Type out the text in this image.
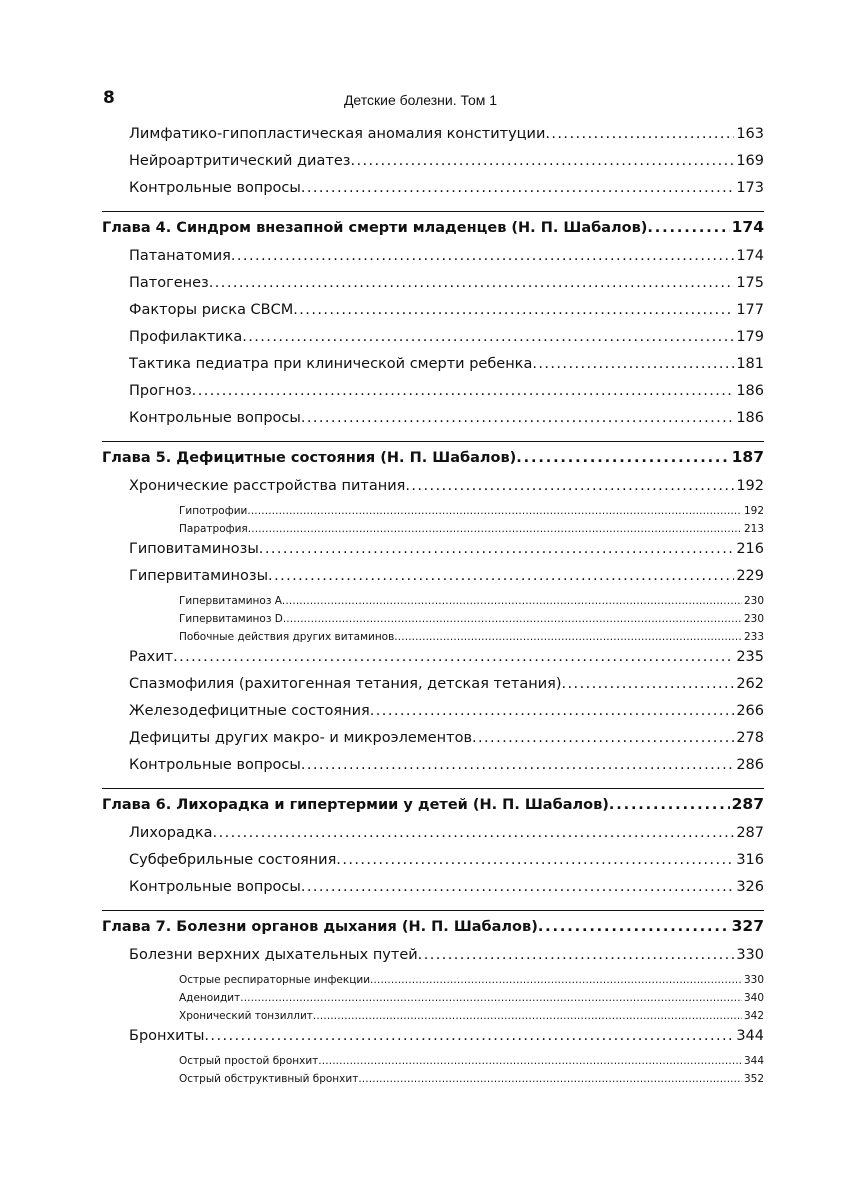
8	Детские болезни. Том 1
Лимфатико-гипопластическая аномалия конституции . . .	163
Нейроартритический диатез . . .	169
Контрольные вопросы . . .	173
Глава 4. Синдром внезапной смерти младенцев (Н. П. Шабалов) . . .	174
Патанатомия . . .	174
Патогенез . . .	175
Факторы риска СВСМ . . .	177
Профилактика . . .	179
Тактика педиатра при клинической смерти ребенка . . .	181
Прогноз . . .	186
Контрольные вопросы . . .	186
Глава 5. Дефицитные состояния (Н. П. Шабалов) . . .	187
Хронические расстройства питания . . .	192
Гипотрофии . . .	192
Паратрофия . . .	213
Гиповитаминозы . . .	216
Гипервитаминозы . . .	229
Гипервитаминоз А . . .	230
Гипервитаминоз D . . .	230
Побочные действия других витаминов . . .	233
Рахит . . .	235
Спазмофилия (рахитогенная тетания, детская тетания) . . .	262
Железодефицитные состояния . . .	266
Дефициты других макро- и микроэлементов . . .	278
Контрольные вопросы . . .	286
Глава 6. Лихорадка и гипертермии у детей (Н. П. Шабалов) . . .	287
Лихорадка . . .	287
Субфебрильные состояния . . .	316
Контрольные вопросы . . .	326
Глава 7. Болезни органов дыхания (Н. П. Шабалов) . . .	327
Болезни верхних дыхательных путей . . .	330
Острые респираторные инфекции . . .	330
Аденоидит . . .	340
Хронический тонзиллит . . .	342
Бронхиты . . .	344
Острый простой бронхит . . .	344
Острый обструктивный бронхит . . .	352
